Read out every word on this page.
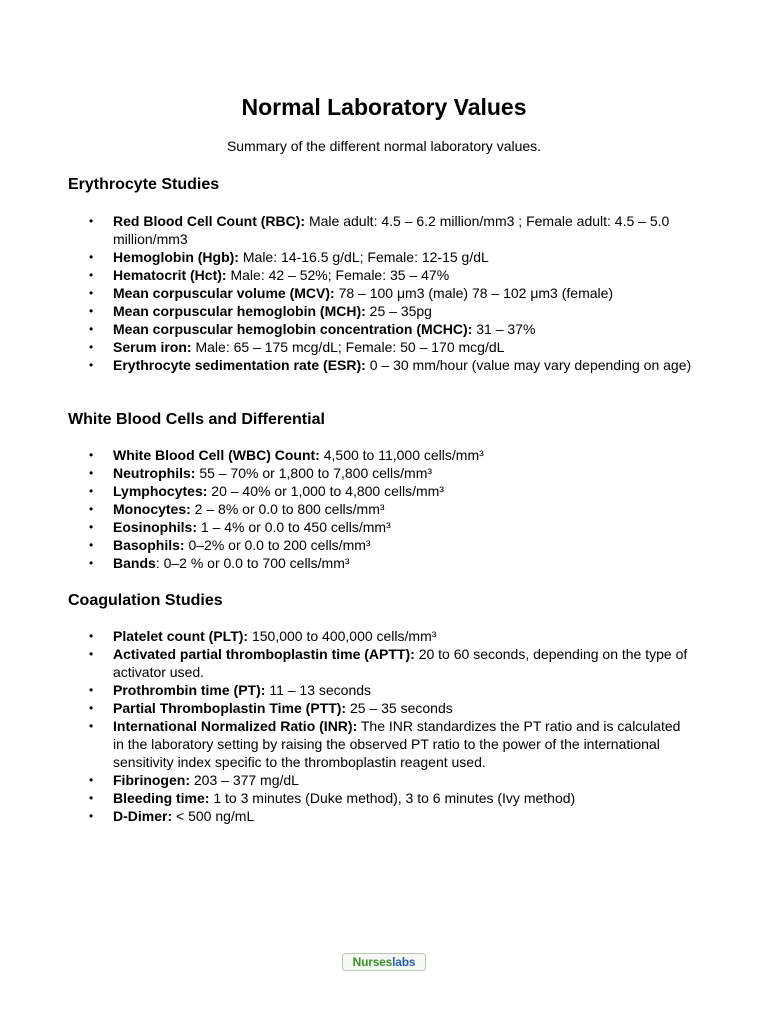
Normal Laboratory Values

Summary of the different normal laboratory values.

Erythrocyte Studies
• Red Blood Cell Count (RBC): Male adult: 4.5 – 6.2 million/mm3 ; Female adult: 4.5 – 5.0 million/mm3
• Hemoglobin (Hgb): Male: 14-16.5 g/dL; Female: 12-15 g/dL
• Hematocrit (Hct): Male: 42 – 52%; Female: 35 – 47%
• Mean corpuscular volume (MCV): 78 – 100 μm3 (male) 78 – 102 μm3 (female)
• Mean corpuscular hemoglobin (MCH): 25 – 35pg
• Mean corpuscular hemoglobin concentration (MCHC): 31 – 37%
• Serum iron: Male: 65 – 175 mcg/dL; Female: 50 – 170 mcg/dL
• Erythrocyte sedimentation rate (ESR): 0 – 30 mm/hour (value may vary depending on age)
White Blood Cells and Differential
• White Blood Cell (WBC) Count: 4,500 to 11,000 cells/mm³
• Neutrophils: 55 – 70% or 1,800 to 7,800 cells/mm³
• Lymphocytes: 20 – 40% or 1,000 to 4,800 cells/mm³
• Monocytes: 2 – 8% or 0.0 to 800 cells/mm³
• Eosinophils: 1 – 4% or 0.0 to 450 cells/mm³
• Basophils: 0–2% or 0.0 to 200 cells/mm³
• Bands: 0–2 % or 0.0 to 700 cells/mm³
Coagulation Studies
• Platelet count (PLT): 150,000 to 400,000 cells/mm³
• Activated partial thromboplastin time (APTT): 20 to 60 seconds, depending on the type of activator used.
• Prothrombin time (PT): 11 – 13 seconds
• Partial Thromboplastin Time (PTT): 25 – 35 seconds
• International Normalized Ratio (INR): The INR standardizes the PT ratio and is calculated in the laboratory setting by raising the observed PT ratio to the power of the international sensitivity index specific to the thromboplastin reagent used.
• Fibrinogen: 203 – 377 mg/dL
• Bleeding time: 1 to 3 minutes (Duke method), 3 to 6 minutes (Ivy method)
• D-Dimer: < 500 ng/mL
Nurses labs
